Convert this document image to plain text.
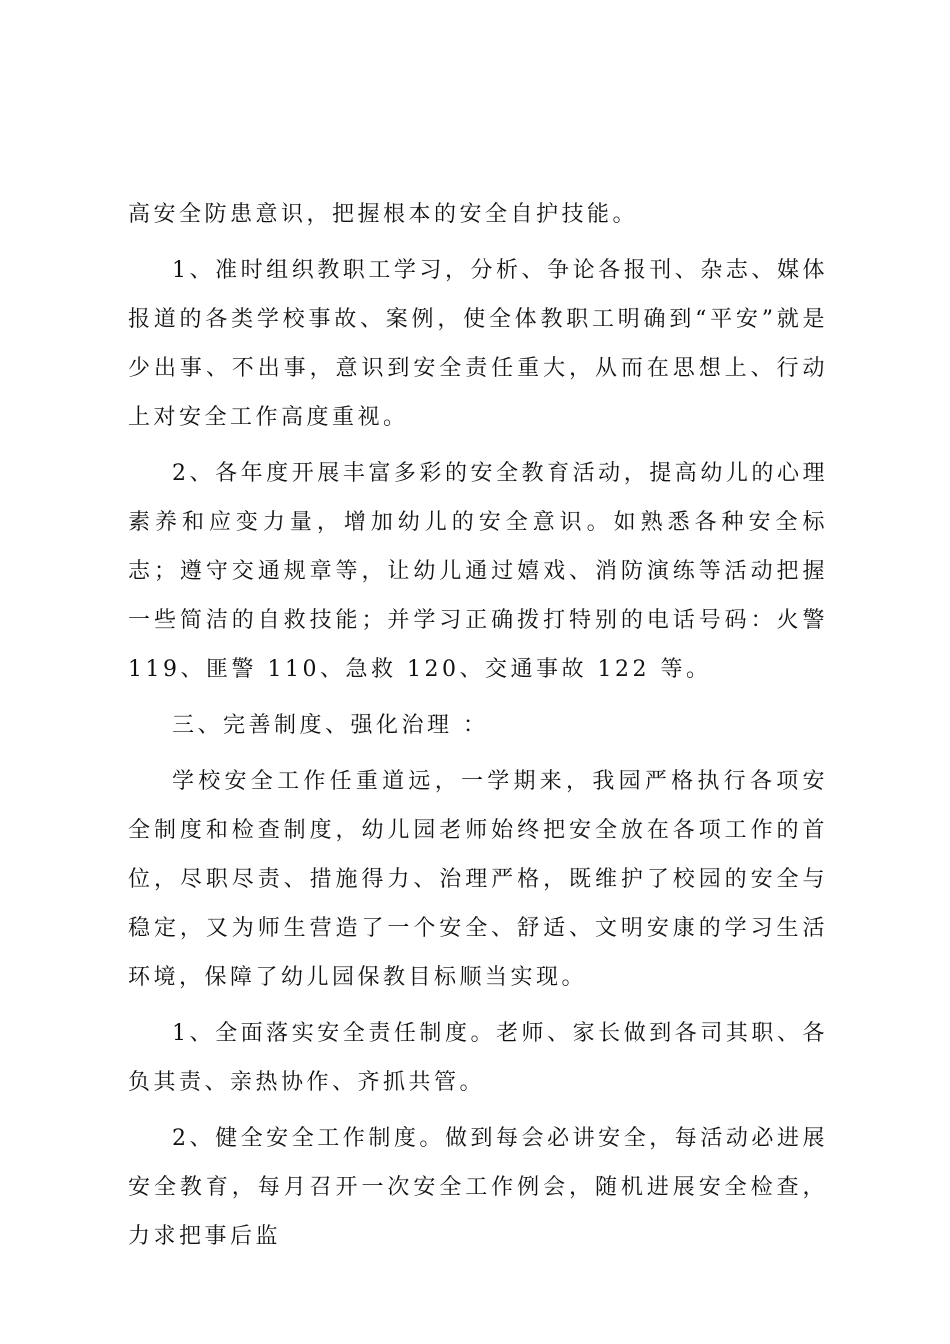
高安全防患意识，把握根本的安全自护技能。

1、准时组织教职工学习，分析、争论各报刊、杂志、媒体报道的各类学校事故、案例，使全体教职工明确到“平安”就是少出事、不出事，意识到安全责任重大，从而在思想上、行动上对安全工作高度重视。

2、各年度开展丰富多彩的安全教育活动，提高幼儿的心理素养和应变力量，增加幼儿的安全意识。如熟悉各种安全标志；遵守交通规章等，让幼儿通过嬉戏、消防演练等活动把握一些简洁的自救技能；并学习正确拨打特别的电话号码：火警 119、匪警 110、急救 120、交通事故 122 等。

三、完善制度、强化治理 ：

学校安全工作任重道远，一学期来，我园严格执行各项安全制度和检查制度，幼儿园老师始终把安全放在各项工作的首位，尽职尽责、措施得力、治理严格，既维护了校园的安全与稳定，又为师生营造了一个安全、舒适、文明安康的学习生活环境，保障了幼儿园保教目标顺当实现。

1、全面落实安全责任制度。老师、家长做到各司其职、各负其责、亲热协作、齐抓共管。

2、健全安全工作制度。做到每会必讲安全，每活动必进展安全教育，每月召开一次安全工作例会，随机进展安全检查，力求把事后监
